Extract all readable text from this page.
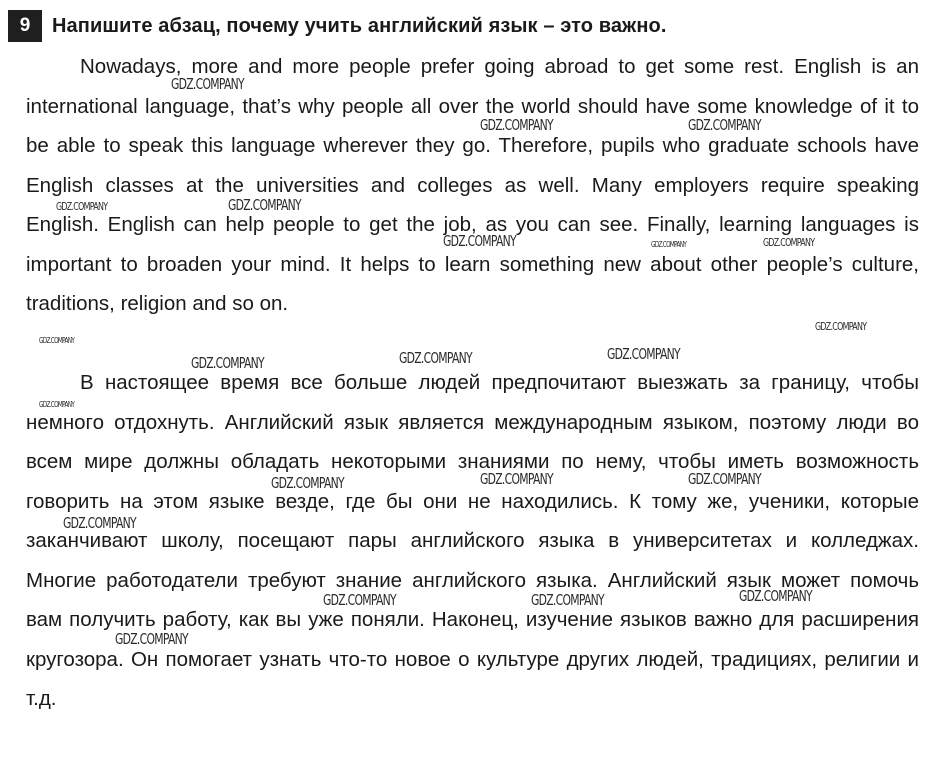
9	Напишите абзац, почему учить английский язык – это важно.

Nowadays, more and more people prefer going abroad to get some rest. English is an international language, that’s why people all over the world should have some knowledge of it to be able to speak this language wherever they go. Therefore, pupils who graduate schools have English classes at the universities and colleges as well. Many employers require speaking English. English can help people to get the job, as you can see. Finally, learning languages is important to broaden your mind. It helps to learn something new about other people’s culture, traditions, religion and so on.

В настоящее время все больше людей предпочитают выезжать за границу, чтобы немного отдохнуть. Английский язык является международным языком, поэтому люди во всем мире должны обладать некоторыми знаниями по нему, чтобы иметь возможность говорить на этом языке везде, где бы они не находились. К тому же, ученики, которые заканчивают школу, посещают пары английского языка в университетах и колледжах. Многие работодатели требуют знание английского языка. Английский язык может помочь вам получить работу, как вы уже поняли. Наконец, изучение языков важно для расширения кругозора. Он помогает узнать что-то новое о культуре других людей, традициях, религии и т.д.

GDZ.COMPANY
GDZ.COMPANY	GDZ.COMPANY
GDZ.COMPANY	GDZ.COMPANY
GDZ.COMPANY	GDZ.COMPANY	GDZ.COMPANY
GDZ.COMPANY
GDZ.COMPANY
GDZ.COMPANY	GDZ.COMPANY	GDZ.COMPANY
GDZ.COMPANY
GDZ.COMPANY	GDZ.COMPANY	GDZ.COMPANY
GDZ.COMPANY
GDZ.COMPANY	GDZ.COMPANY	GDZ.COMPANY
GDZ.COMPANY
